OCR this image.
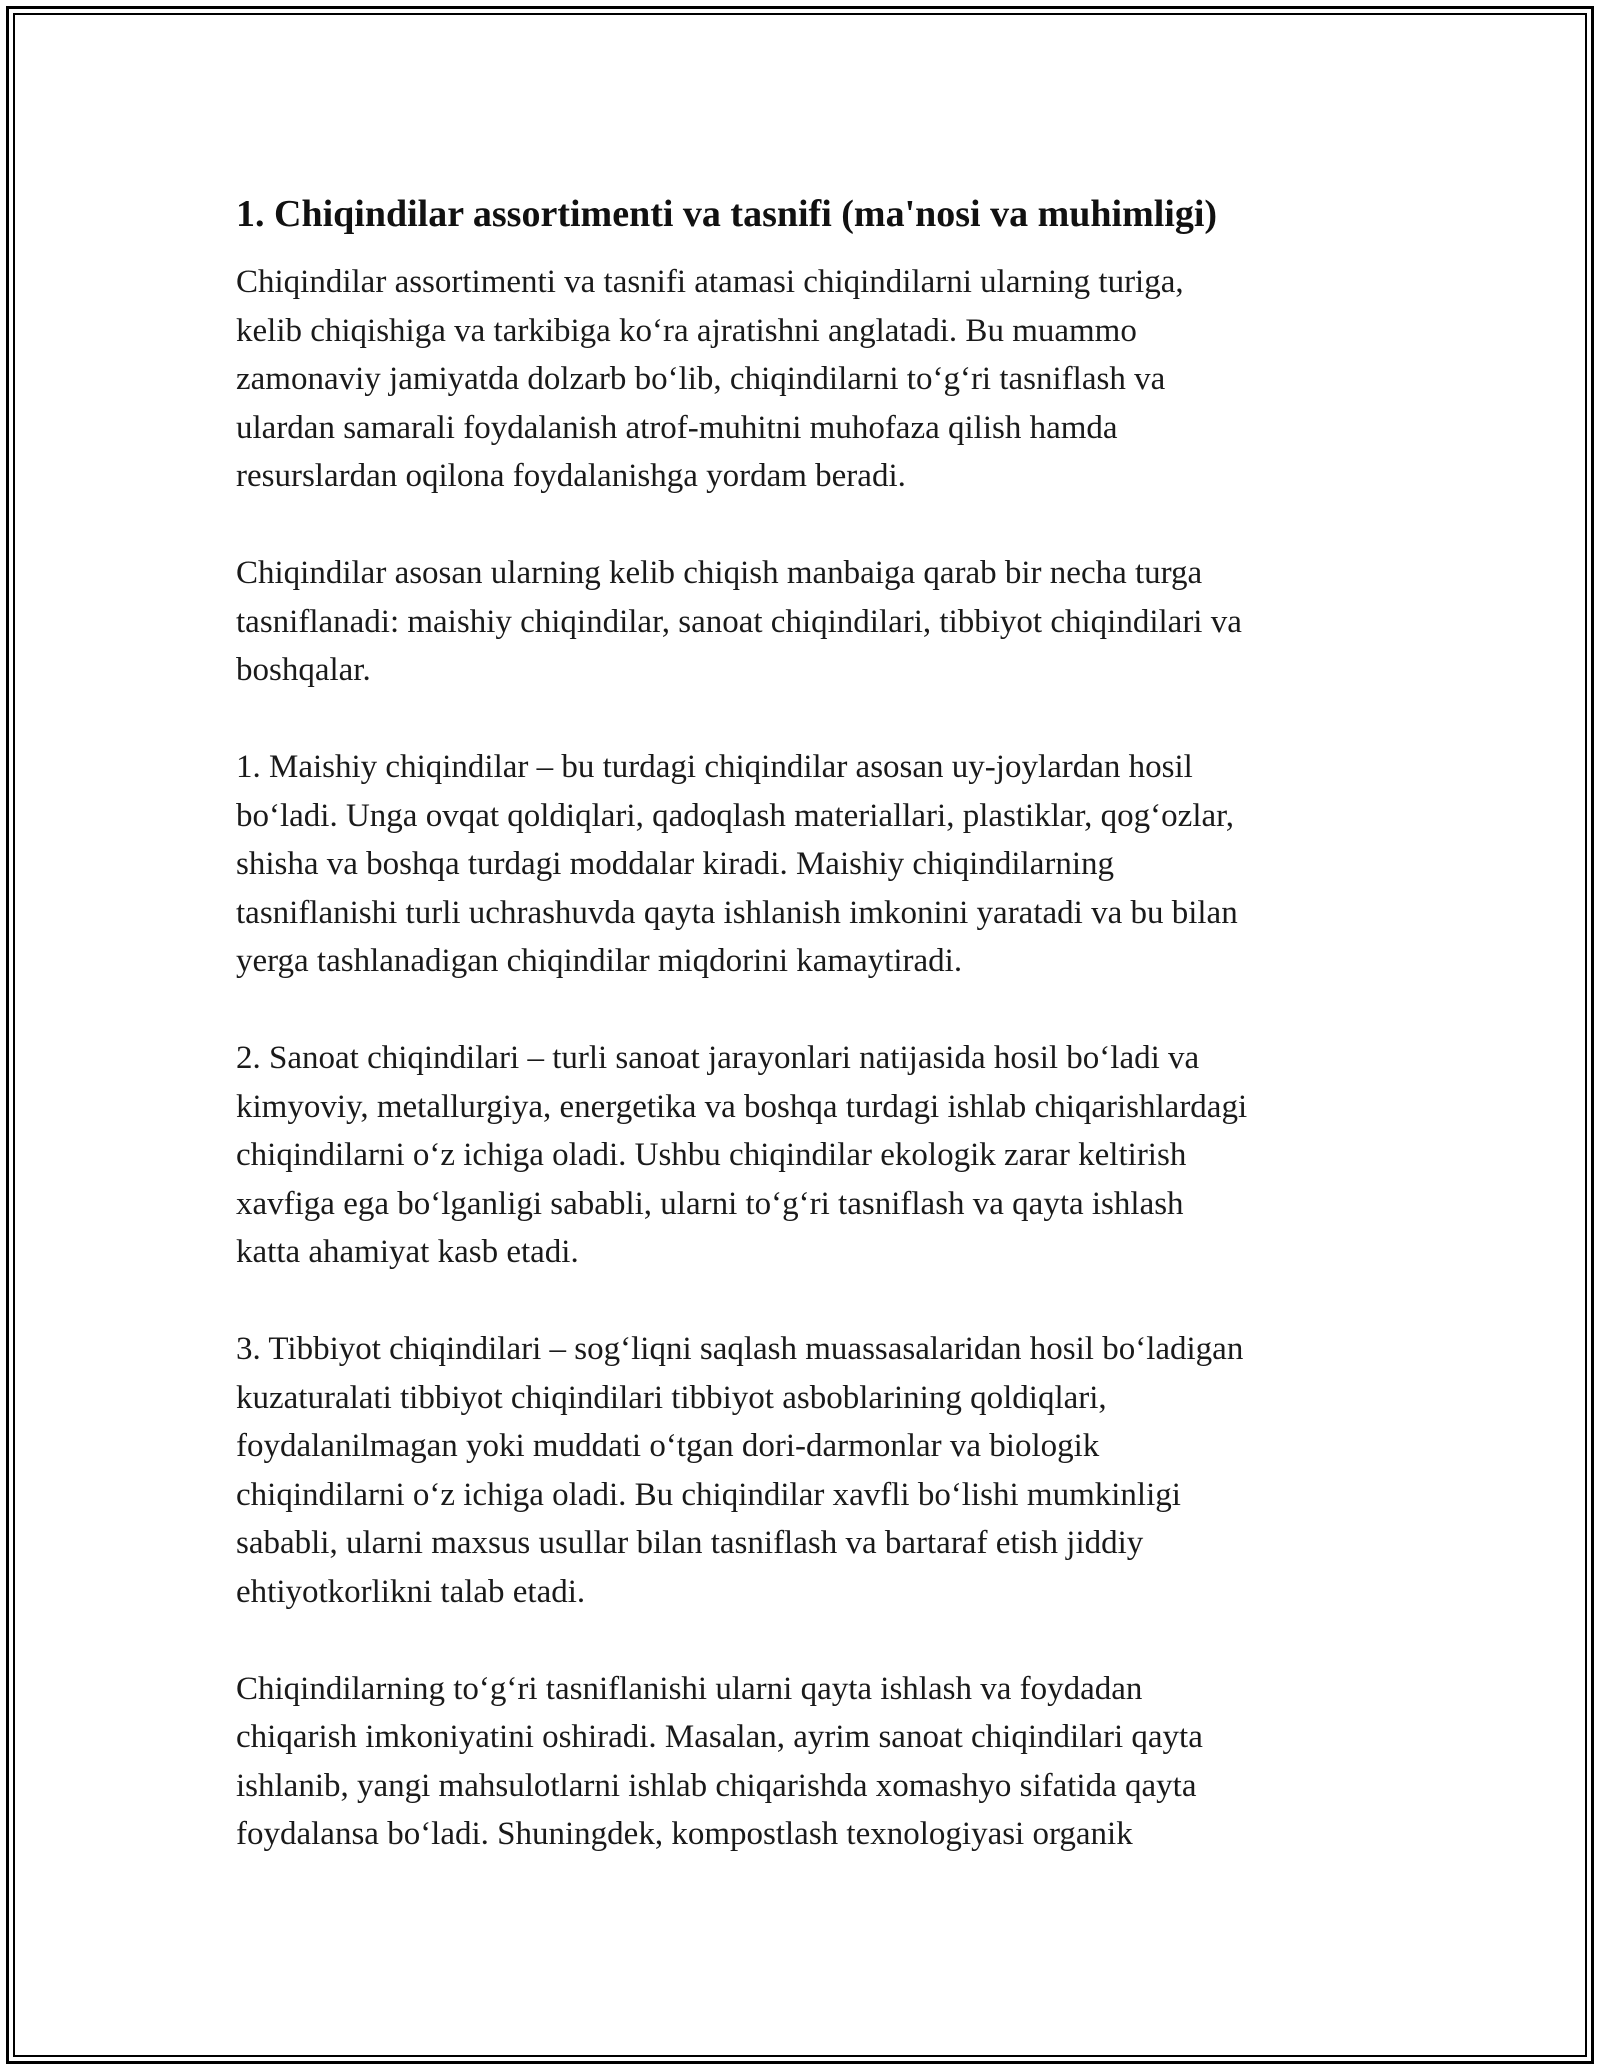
1. Chiqindilar assortimenti va tasnifi (ma'nosi va muhimligi)

Chiqindilar assortimenti va tasnifi atamasi chiqindilarni ularning turiga,
kelib chiqishiga va tarkibiga ko‘ra ajratishni anglatadi. Bu muammo
zamonaviy jamiyatda dolzarb bo‘lib, chiqindilarni to‘g‘ri tasniflash va
ulardan samarali foydalanish atrof-muhitni muhofaza qilish hamda
resurslardan oqilona foydalanishga yordam beradi.

Chiqindilar asosan ularning kelib chiqish manbaiga qarab bir necha turga
tasniflanadi: maishiy chiqindilar, sanoat chiqindilari, tibbiyot chiqindilari va
boshqalar.

1. Maishiy chiqindilar – bu turdagi chiqindilar asosan uy-joylardan hosil
bo‘ladi. Unga ovqat qoldiqlari, qadoqlash materiallari, plastiklar, qog‘ozlar,
shisha va boshqa turdagi moddalar kiradi. Maishiy chiqindilarning
tasniflanishi turli uchrashuvda qayta ishlanish imkonini yaratadi va bu bilan
yerga tashlanadigan chiqindilar miqdorini kamaytiradi.

2. Sanoat chiqindilari – turli sanoat jarayonlari natijasida hosil bo‘ladi va
kimyoviy, metallurgiya, energetika va boshqa turdagi ishlab chiqarishlardagi
chiqindilarni o‘z ichiga oladi. Ushbu chiqindilar ekologik zarar keltirish
xavfiga ega bo‘lganligi sababli, ularni to‘g‘ri tasniflash va qayta ishlash
katta ahamiyat kasb etadi.

3. Tibbiyot chiqindilari – sog‘liqni saqlash muassasalaridan hosil bo‘ladigan
kuzaturalati tibbiyot chiqindilari tibbiyot asboblarining qoldiqlari,
foydalanilmagan yoki muddati o‘tgan dori-darmonlar va biologik
chiqindilarni o‘z ichiga oladi. Bu chiqindilar xavfli bo‘lishi mumkinligi
sababli, ularni maxsus usullar bilan tasniflash va bartaraf etish jiddiy
ehtiyotkorlikni talab etadi.

Chiqindilarning to‘g‘ri tasniflanishi ularni qayta ishlash va foydadan
chiqarish imkoniyatini oshiradi. Masalan, ayrim sanoat chiqindilari qayta
ishlanib, yangi mahsulotlarni ishlab chiqarishda xomashyo sifatida qayta
foydalansa bo‘ladi. Shuningdek, kompostlash texnologiyasi organik
